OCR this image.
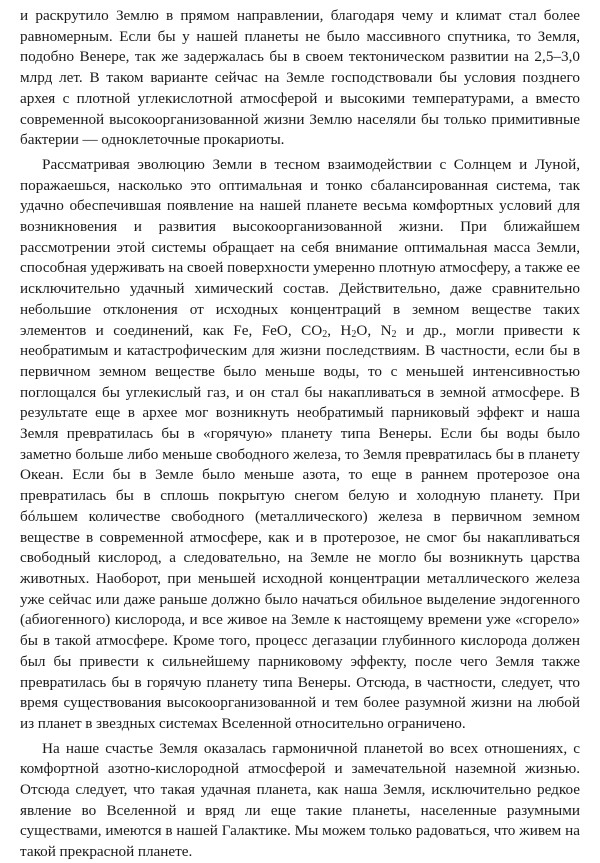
и раскрутило Землю в прямом направлении, благодаря чему и климат стал более равномерным. Если бы у нашей планеты не было массивного спутника, то Земля, подобно Венере, так же задержалась бы в своем тектоническом развитии на 2,5–3,0 млрд лет. В таком варианте сейчас на Земле господствовали бы условия позднего архея с плотной углекислотной атмосферой и высокими температурами, а вместо современной высокоорганизованной жизни Землю населяли бы только примитивные бактерии — одноклеточные прокариоты.

Рассматривая эволюцию Земли в тесном взаимодействии с Солнцем и Луной, поражаешься, насколько это оптимальная и тонко сбалансированная система, так удачно обеспечившая появление на нашей планете весьма комфортных условий для возникновения и развития высокоорганизованной жизни. При ближайшем рассмотрении этой системы обращает на себя внимание оптимальная масса Земли, способная удерживать на своей поверхности умеренно плотную атмосферу, а также ее исключительно удачный химический состав. Действительно, даже сравнительно небольшие отклонения от исходных концентраций в земном веществе таких элементов и соединений, как Fe, FeO, $CO_2$, $H_2O$, $N_2$ и др., могли привести к необратимым и катастрофическим для жизни последствиям. В частности, если бы в первичном земном веществе было меньше воды, то с меньшей интенсивностью поглощался бы углекислый газ, и он стал бы накапливаться в земной атмосфере. В результате еще в архее мог возникнуть необратимый парниковый эффект и наша Земля превратилась бы в «горячую» планету типа Венеры. Если бы воды было заметно больше либо меньше свободного железа, то Земля превратилась бы в планету Океан. Если бы в Земле было меньше азота, то еще в раннем протерозое она превратилась бы в сплошь покрытую снегом белую и холодную планету. При бóльшем количестве свободного (металлического) железа в первичном земном веществе в современной атмосфере, как и в протерозое, не смог бы накапливаться свободный кислород, а следовательно, на Земле не могло бы возникнуть царства животных. Наоборот, при меньшей исходной концентрации металлического железа уже сейчас или даже раньше должно было начаться обильное выделение эндогенного (абиогенного) кислорода, и все живое на Земле к настоящему времени уже «сгорело» бы в такой атмосфере. Кроме того, процесс дегазации глубинного кислорода должен был бы привести к сильнейшему парниковому эффекту, после чего Земля также превратилась бы в горячую планету типа Венеры. Отсюда, в частности, следует, что время существования высокоорганизованной и тем более разумной жизни на любой из планет в звездных системах Вселенной относительно ограничено.

На наше счастье Земля оказалась гармоничной планетой во всех отношениях, с комфортной азотно-кислородной атмосферой и замечательной наземной жизнью. Отсюда следует, что такая удачная планета, как наша Земля, исключительно редкое явление во Вселенной и вряд ли еще такие планеты, населенные разумными существами, имеются в нашей Галактике. Мы можем только радоваться, что живем на такой прекрасной планете.
